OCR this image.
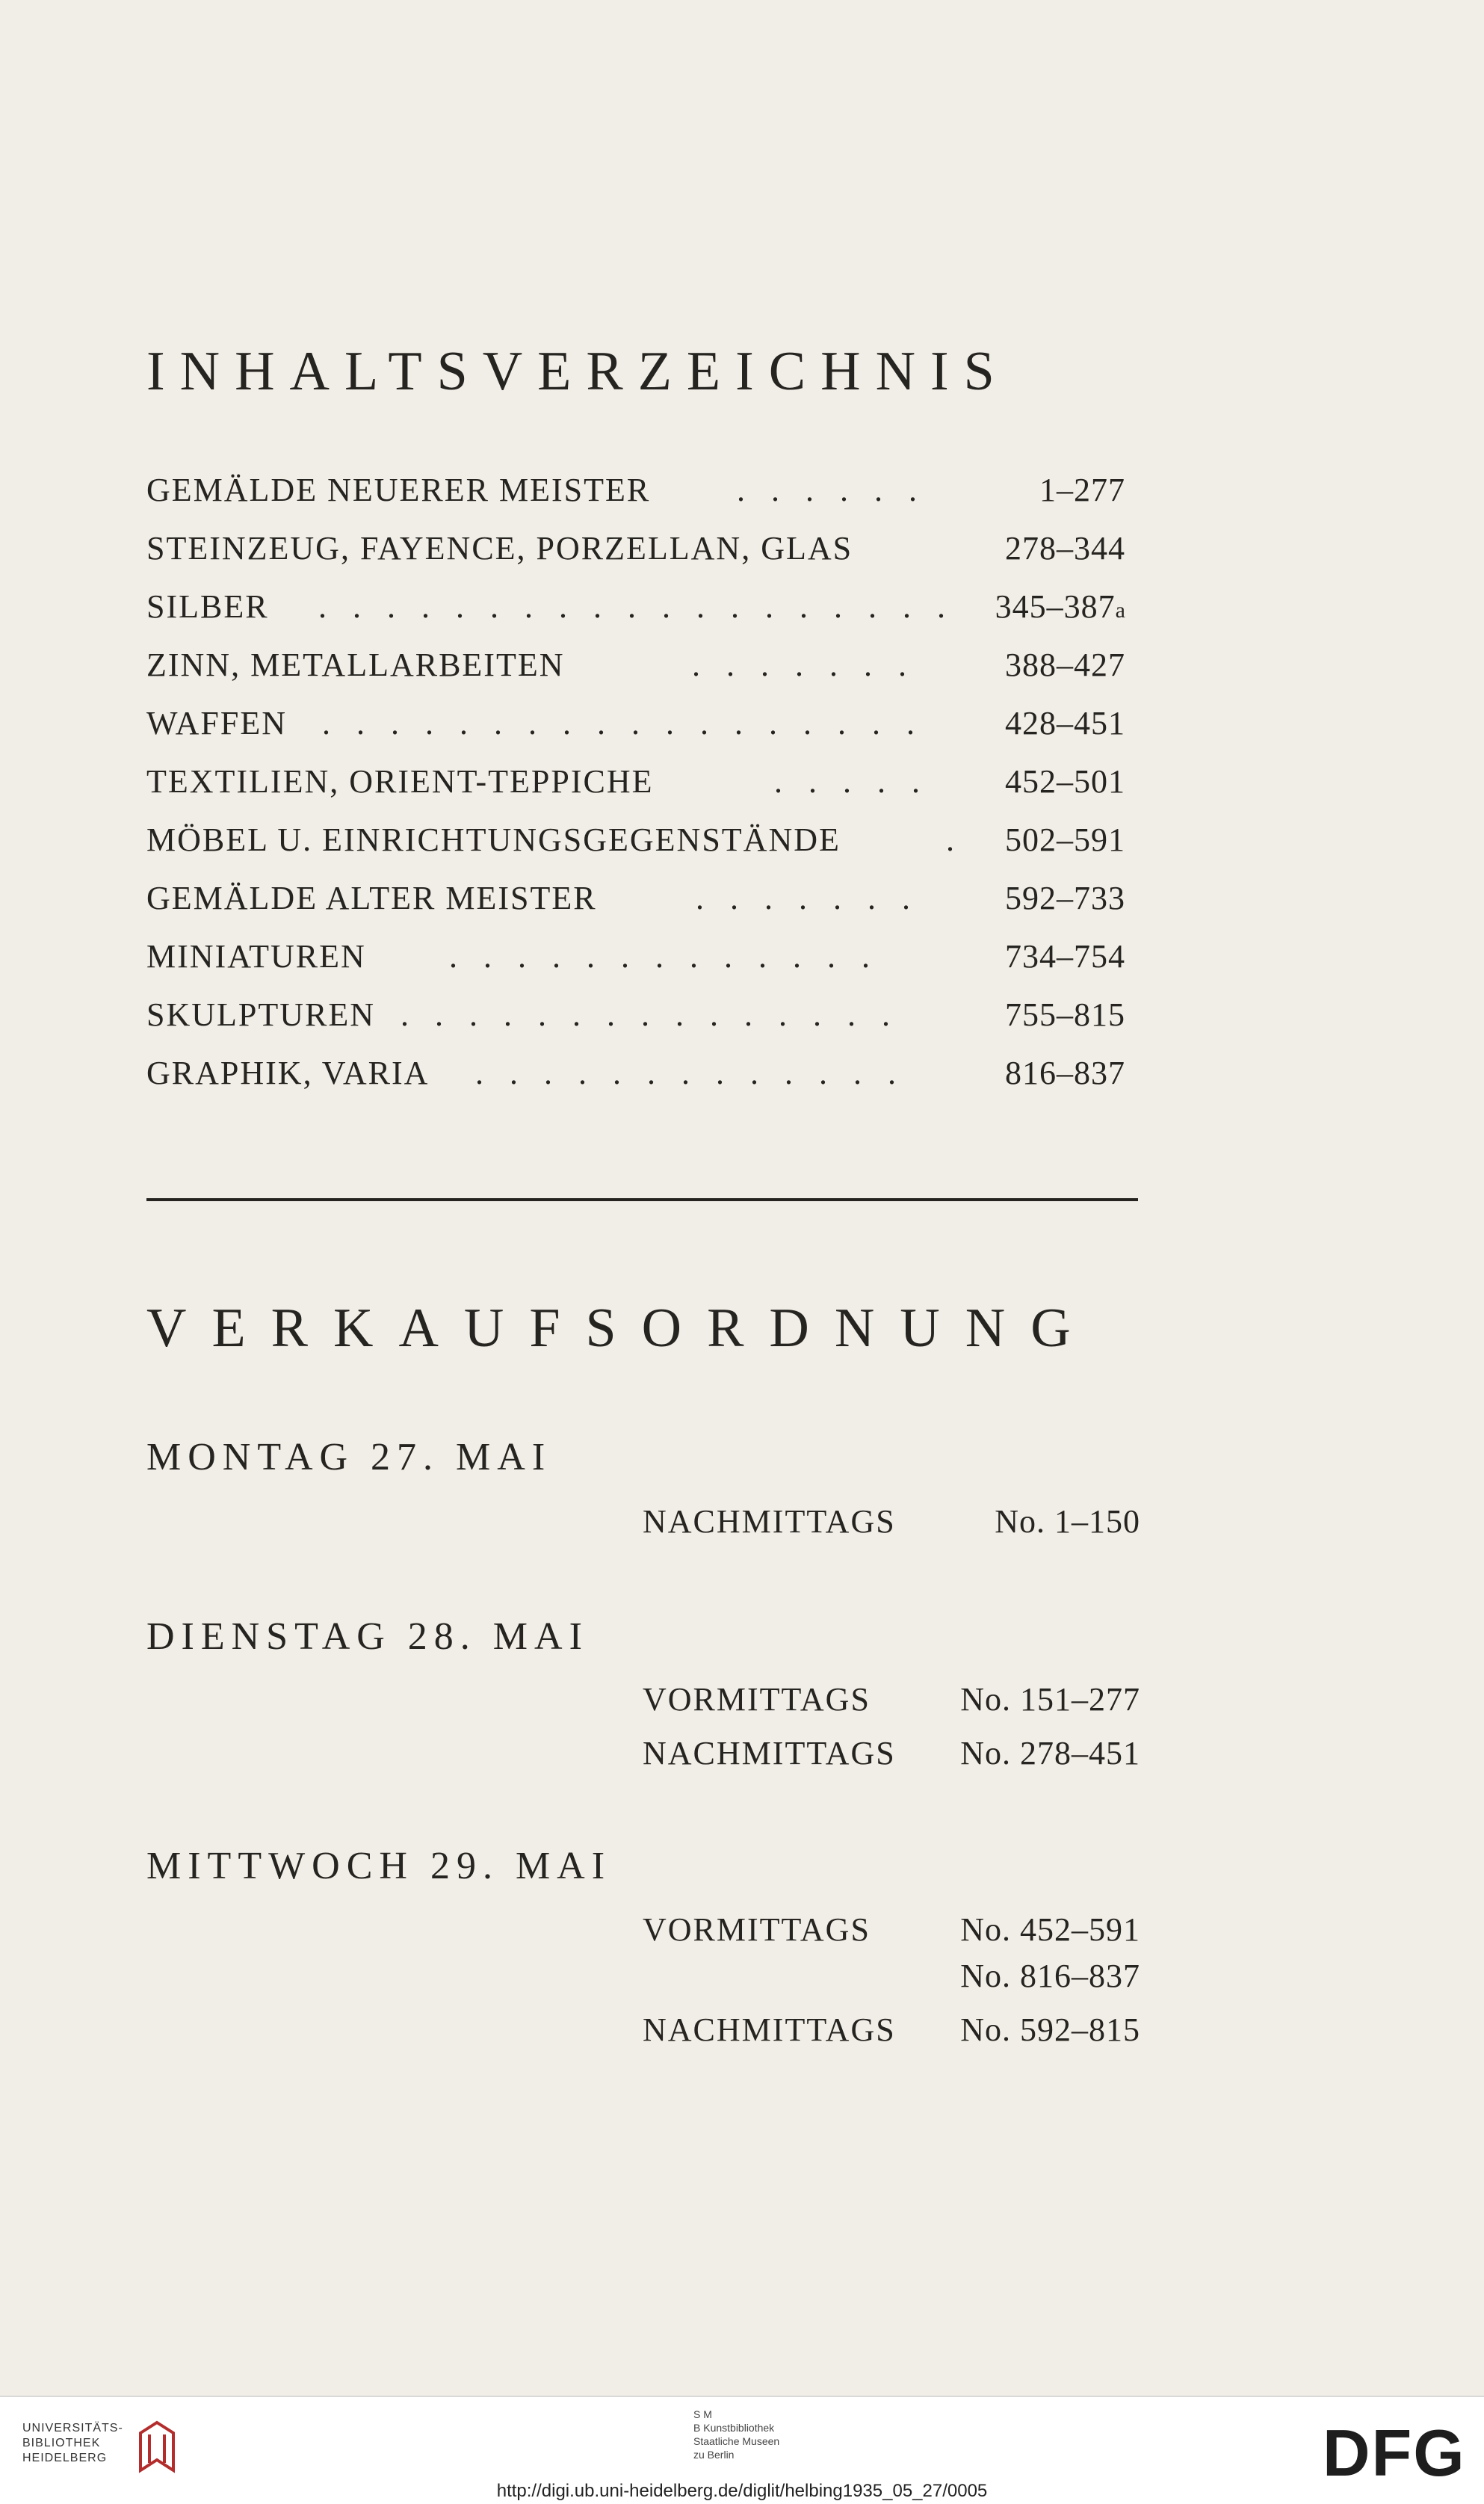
INHALTSVERZEICHNIS
GEMÄLDE NEUERER MEISTER	. . . . . .	1–277
STEINZEUG, FAYENCE, PORZELLAN, GLAS	278–344
SILBER . . . . . . . . . . . . . . . . . . . 345–387a
ZINN, METALLARBEITEN	. . . . . . .	388–427
WAFFEN . . . . . . . . . . . . . . . . . . 428–451
TEXTILIEN, ORIENT-TEPPICHE	. . . . . 452–501
MÖBEL U. EINRICHTUNGSGEGENSTÄNDE	. 502–591
GEMÄLDE ALTER MEISTER	. . . . . . .	592–733
MINIATUREN	. . . . . . . . . . . . .	734–754
SKULPTUREN . . . . . . . . . . . . . . .	755–815
GRAPHIK, VARIA . . . . . . . . . . . . .	816–837
VERKAUFSORDNUNG
MONTAG 27. MAI
NACHMITTAGS	No. 1–150
DIENSTAG 28. MAI
VORMITTAGS	No. 151–277
NACHMITTAGS No. 278–451
MITTWOCH 29. MAI
VORMITTAGS	No. 452–591
No. 816–837
NACHMITTAGS No. 592–815
UNIVERSITÄTS-
BIBLIOTHEK
HEIDELBERG
S M
B Kunstbibliothek
Staatliche Museen
zu Berlin	DFG
http://digi.ub.uni-heidelberg.de/diglit/helbing1935_05_27/0005
